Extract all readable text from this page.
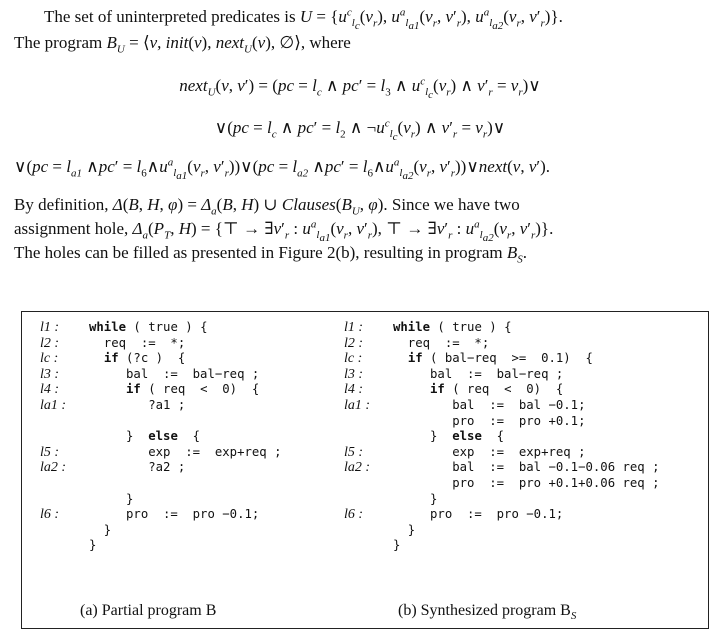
The set of uninterpreted predicates is $U = \{u^c_{l_c}(v_r)$, $u^a_{l_{a1}}(v_r$, $v'_r$), $u^a_{l_{a2}}(v_r$, $v'_r$)}.
The program $B_U$ = ⟨v, init(v), next$_U$(v), ∅⟩, where
next$_U$(v, $v') = (pc = l_c$ ∧ $pc' = l_3$ ∧ $u^c_{l_c}(v_r)$ ∧ $v'_r$ = $v_r)\vee$
∨(pc = $l_c$ ∧ $pc' = l_2$ ∧ $\neg u^c_{l_c}(v_r)$ ∧ $v'_r$ = $v_r)\vee$
∨(pc = $l_{a1}$ ∧pc′ = $l_6\wedge u^a_{l_{a1}}(v_r$, $v'_r))\vee(pc = l_{a2}$ ∧pc′ = $l_6\wedge u^a_{l_{a2}}(v_r$, $v'_r))\vee next(v$, v′).
By definition, Δ(B, H, $\varphi) = \Delta_a(B$, H) ∪ $Clauses(B_U$, φ). Since we have two
assignment hole, $\Delta_a(P_T$, H) = {⊤ → $\exists v'_r$ : $u^a_{l_{a1}}(v_r$, $v'_r$), ⊤ → $\exists v'_r$ : $u^a_{l_{a2}}(v_r$, $v'_r$)}.
The holes can be filled as presented in Figure 2(b), resulting in program $B_S$.
l1 : while ( true ) {
l2 :  req  :=  *;
lc :	if (?c )  {
l3 :     bal  :=  bal−req ;
l4 :	if ( req  <  0)  {
la1 :        ?a1 ;
}  else  {
l5 :        exp  :=  exp+req ;
la2 :        ?a2 ;
}
l6 :     pro  :=  pro −0.1;
}
}
l1 : while ( true ) {
l2 :  req  :=  *;
lc :	if ( bal−req  >=  0.1)  {
l3 :     bal  :=  bal−req ;
l4 :	if ( req  <  0)  {
la1 :        bal  :=  bal −0.1;
pro  :=  pro +0.1;
}  else  {
l5 :        exp  :=  exp+req ;
la2 :        bal  :=  bal −0.1−0.06 req ;
pro  :=  pro +0.1+0.06 req ;
}
l6 :     pro  :=  pro −0.1;
}
}
(a) Partial program B	(b) Synthesized program $B_S$
